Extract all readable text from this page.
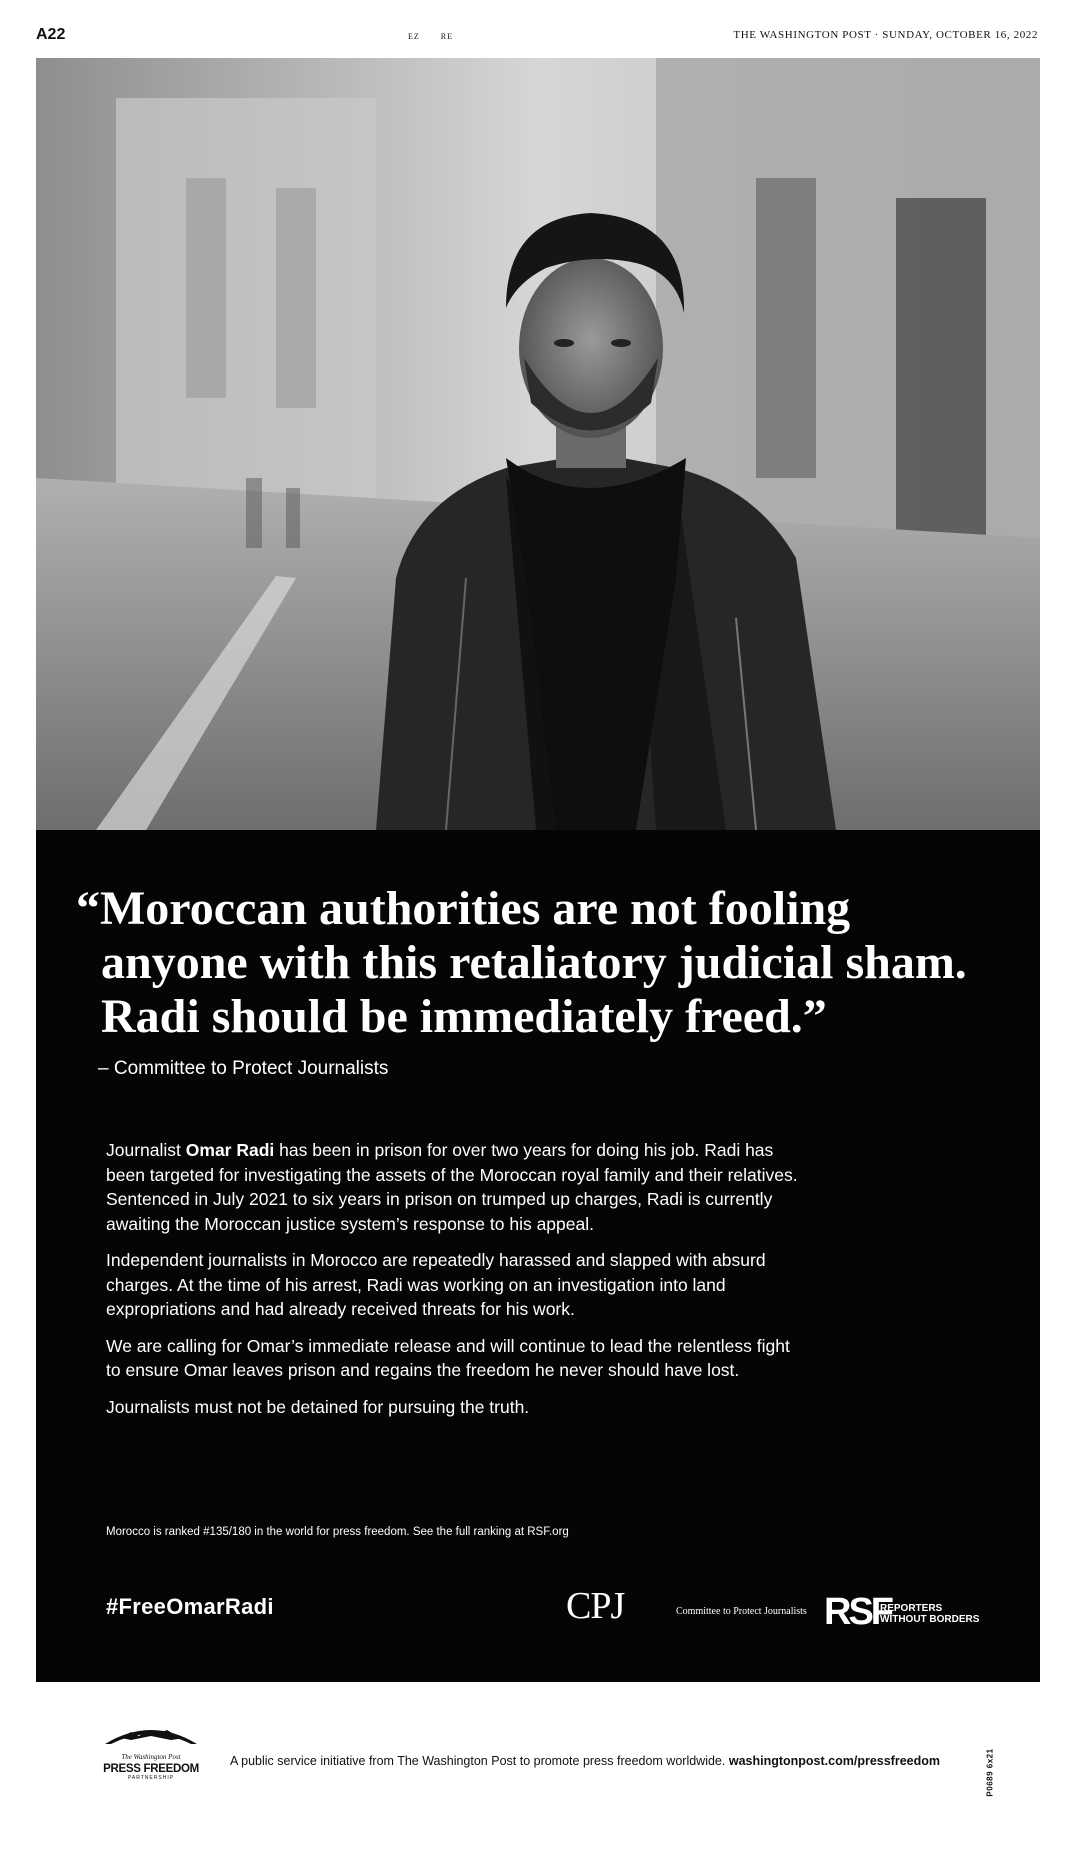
A22	EZ	RE	THE WASHINGTON POST · SUNDAY, OCTOBER 16, 2022
“Moroccan authorities are not fooling
anyone with this retaliatory judicial sham.
Radi should be immediately freed.”
– Committee to Protect Journalists

Journalist Omar Radi has been in prison for over two years for doing his job. Radi has been targeted for investigating the assets of the Moroccan royal family and their relatives. Sentenced in July 2021 to six years in prison on trumped up charges, Radi is currently awaiting the Moroccan justice system’s response to his appeal.

Independent journalists in Morocco are repeatedly harassed and slapped with absurd charges. At the time of his arrest, Radi was working on an investigation into land expropriations and had already received threats for his work.

We are calling for Omar’s immediate release and will continue to lead the relentless fight to ensure Omar leaves prison and regains the freedom he never should have lost.

Journalists must not be detained for pursuing the truth.

Morocco is ranked #135/180 in the world for press freedom. See the full ranking at RSF.org
#FreeOmarRadi	CPJ	Committee to Protect Journalists RSF
REPORTERS
WITHOUT BORDERS
The Washington Post
PRESS FREEDOM
PARTNERSHIP
A public service initiative from The Washington Post to promote press freedom worldwide. washingtonpost.com/pressfreedom	P0689 6x21
